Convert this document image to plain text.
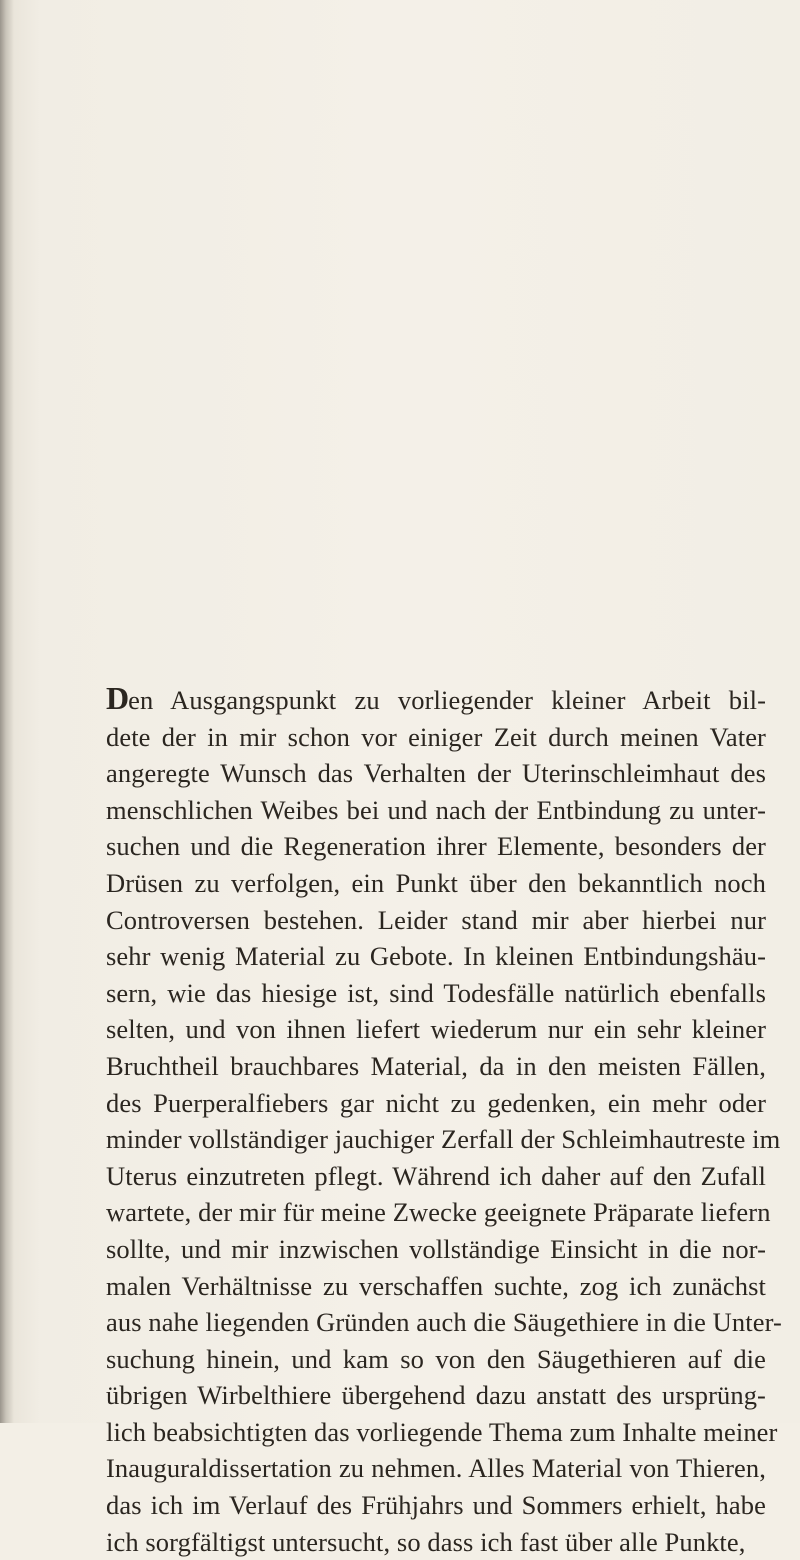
Den Ausgangspunkt zu vorliegender kleiner Arbeit bil-
dete der in mir schon vor einiger Zeit durch meinen Vater
angeregte Wunsch das Verhalten der Uterinschleimhaut des
menschlichen Weibes bei und nach der Entbindung zu unter-
suchen und die Regeneration ihrer Elemente, besonders der
Drüsen zu verfolgen, ein Punkt über den bekanntlich noch
Controversen bestehen. Leider stand mir aber hierbei nur
sehr wenig Material zu Gebote. In kleinen Entbindungshäu-
sern, wie das hiesige ist, sind Todesfälle natürlich ebenfalls
selten, und von ihnen liefert wiederum nur ein sehr kleiner
Bruchtheil brauchbares Material, da in den meisten Fällen,
des Puerperalfiebers gar nicht zu gedenken, ein mehr oder
minder vollständiger jauchiger Zerfall der Schleimhautreste im
Uterus einzutreten pflegt. Während ich daher auf den Zufall
wartete, der mir für meine Zwecke geeignete Präparate liefern
sollte, und mir inzwischen vollständige Einsicht in die nor-
malen Verhältnisse zu verschaffen suchte, zog ich zunächst
aus nahe liegenden Gründen auch die Säugethiere in die Unter-
suchung hinein, und kam so von den Säugethieren auf die
übrigen Wirbelthiere übergehend dazu anstatt des ursprüng-
lich beabsichtigten das vorliegende Thema zum Inhalte meiner
Inauguraldissertation zu nehmen. Alles Material von Thieren,
das ich im Verlauf des Frühjahrs und Sommers erhielt, habe
ich sorgfältigst untersucht, so dass ich fast über alle Punkte,
